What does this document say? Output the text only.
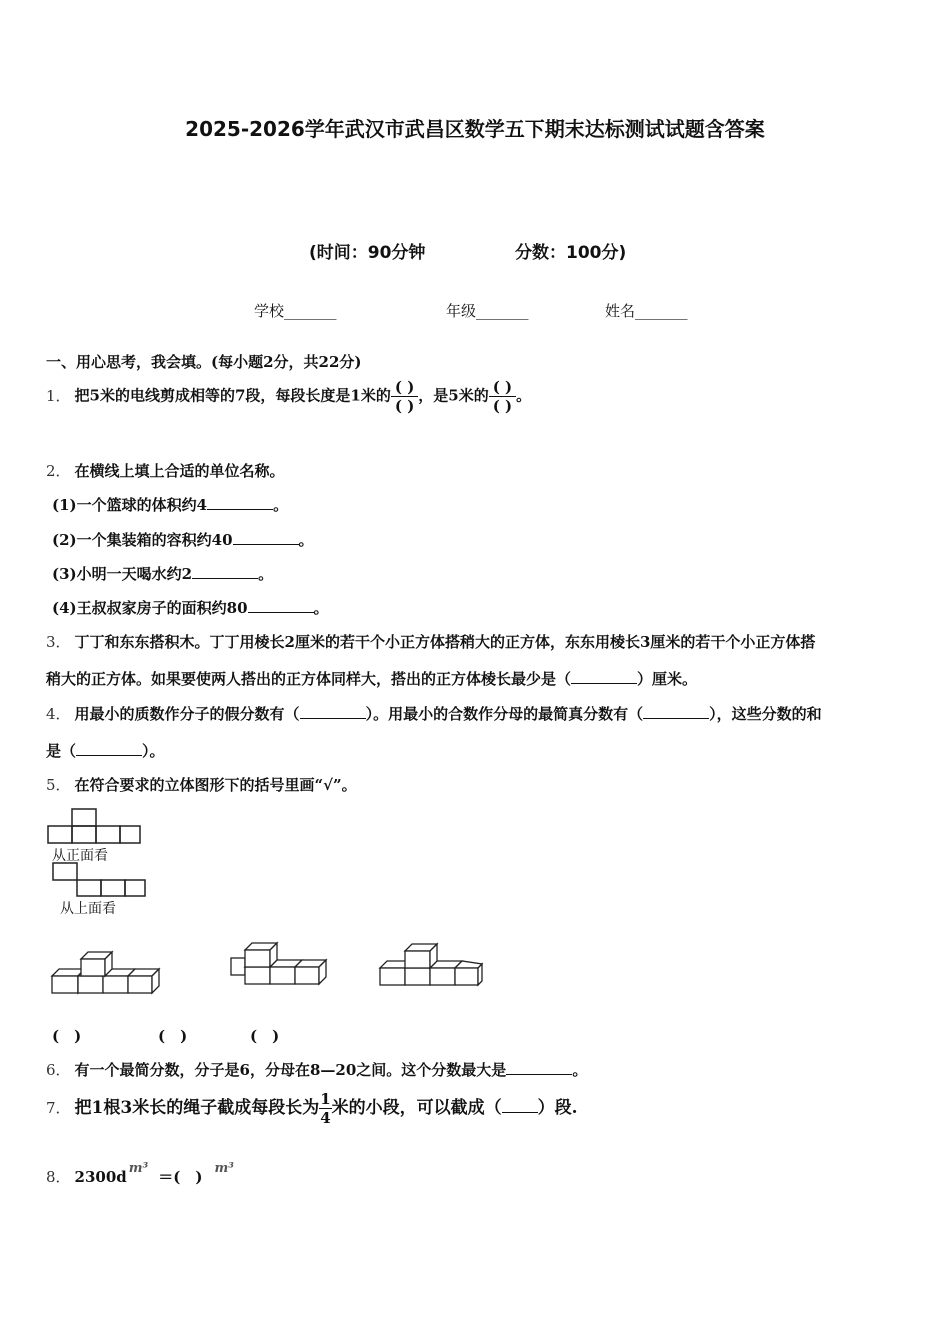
2025-2026学年武汉市武昌区数学五下期末达标测试试题含答案
(时间：90分钟	分数：100分)
学校_______	年级_______	姓名_______
一、用心思考，我会填。(每小题2分，共22分)
1． 把5米的电线剪成相等的7段，每段长度是1米的 $\frac{( )}{( )}$ ，是5米的 $\frac{( )}{( )}$ 。
2． 在横线上填上合适的单位名称。
(1)一个篮球的体积约4	。
(2)一个集装箱的容积约40	。
(3)小明一天喝水约2	。
(4)王叔叔家房子的面积约80	。
3． 丁丁和东东搭积木。丁丁用棱长2厘米的若干个小正方体搭稍大的正方体，东东用棱长3厘米的若干个小正方体搭
稍大的正方体。如果要使两人搭出的正方体同样大，搭出的正方体棱长最少是（	）厘米。
4． 用最小的质数作分子的假分数有（	）。用最小的合数作分母的最简真分数有（	），这些分数的和
是（	）。
5． 在符合要求的立体图形下的括号里画“√”。
从正面看
从上面看
(　)	(　)	(　)
6． 有一个最简分数，分子是6，分母在8—20之间。这个分数最大是	。
7． 把1根3米长的绳子截成每段长为 $\frac{1}{4}$ 米的小段，可以截成（ ）段.
8． 2300d m³ ＝(　) m³
